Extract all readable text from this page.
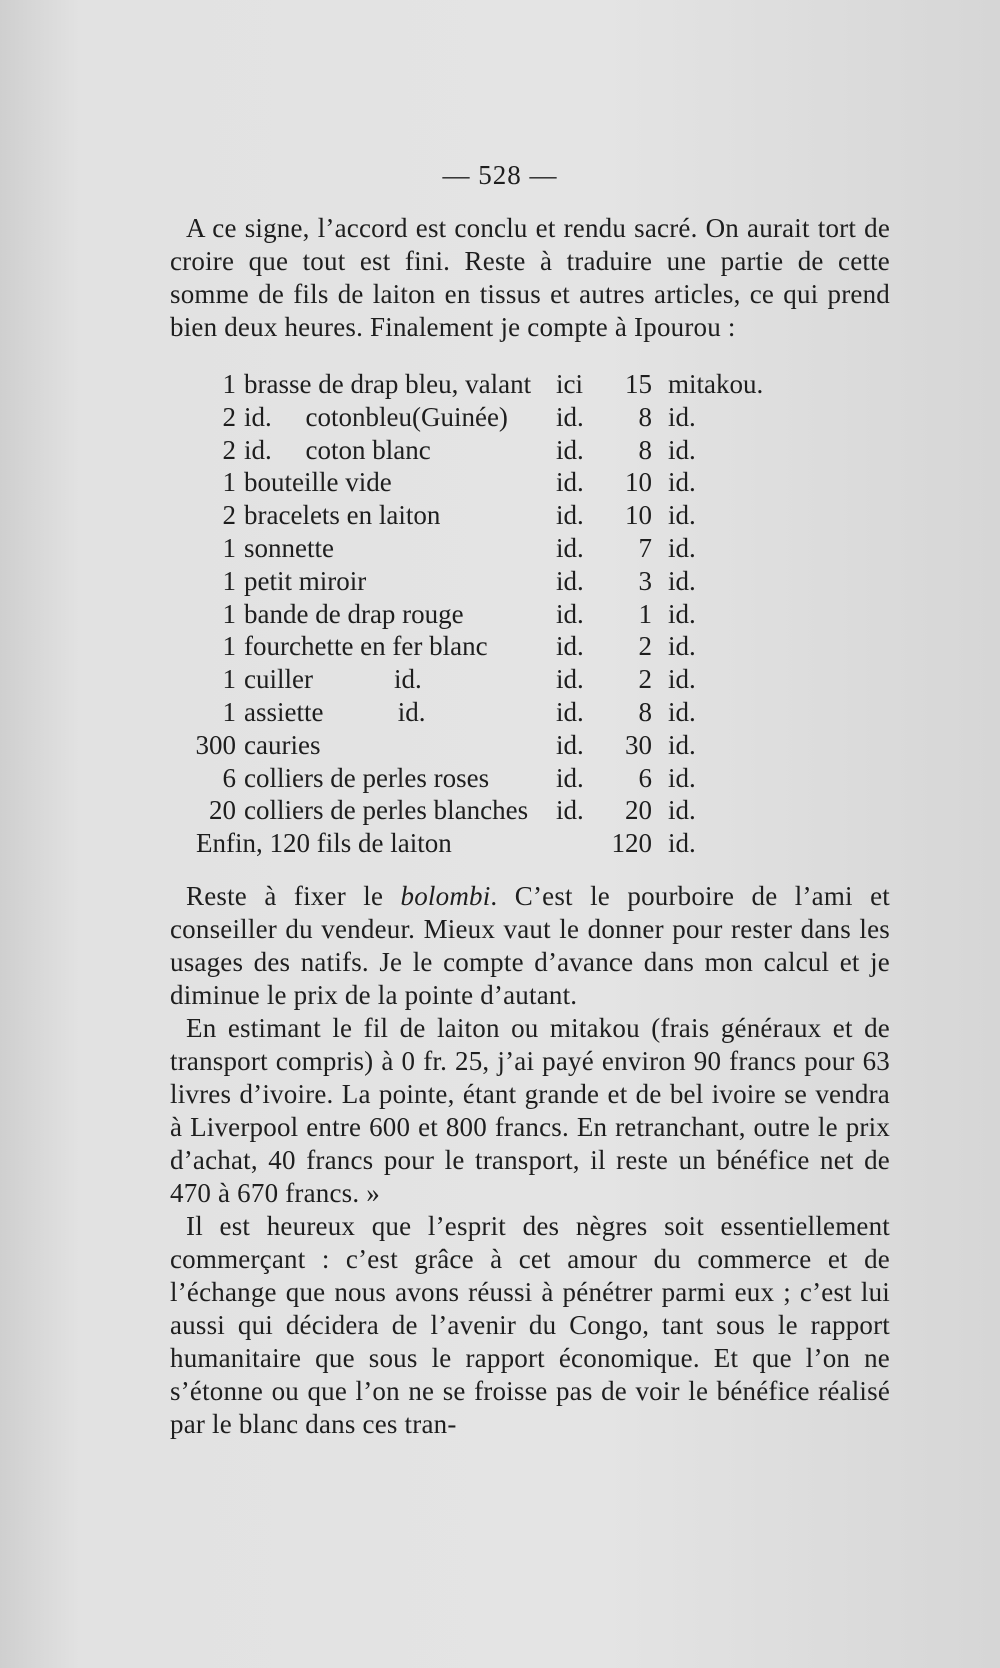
— 528 —

A ce signe, l’accord est conclu et rendu sacré. On aurait tort de croire que tout est fini. Reste à traduire une partie de cette somme de fils de laiton en tissus et autres articles, ce qui prend bien deux heures. Finalement je compte à Ipourou :

1 brasse de drap bleu, valant ici	15 mitakou.
2 id.     cotonbleu(Guinée) id.	8 id.
2 id.     coton blanc	id.	8 id.
1 bouteille vide	id.	10 id.
2 bracelets en laiton	id.	10 id.
1 sonnette	id.	7 id.
1 petit miroir	id.	3 id.
1 bande de drap rouge	id.	1 id.
1 fourchette en fer blanc	id.	2 id.
1 cuiller            id.	id.	2 id.
1 assiette           id.	id.	8 id.
300 cauries	id.	30 id.
6 colliers de perles roses id.	6 id.
20 colliers de perles blanches id.	20 id.
Enfin, 120 fils de laiton	120 id.

Reste à fixer le bolombi. C’est le pourboire de l’ami et conseiller du vendeur. Mieux vaut le donner pour rester dans les usages des natifs. Je le compte d’avance dans mon calcul et je diminue le prix de la pointe d’autant.

En estimant le fil de laiton ou mitakou (frais généraux et de transport compris) à 0 fr. 25, j’ai payé environ 90 francs pour 63 livres d’ivoire. La pointe, étant grande et de bel ivoire se vendra à Liverpool entre 600 et 800 francs. En retranchant, outre le prix d’achat, 40 francs pour le transport, il reste un bénéfice net de 470 à 670 francs. »

Il est heureux que l’esprit des nègres soit essentiellement commerçant : c’est grâce à cet amour du commerce et de l’échange que nous avons réussi à pénétrer parmi eux ; c’est lui aussi qui décidera de l’avenir du Congo, tant sous le rapport humanitaire que sous le rapport économique. Et que l’on ne s’étonne ou que l’on ne se froisse pas de voir le bénéfice réalisé par le blanc dans ces tran-
